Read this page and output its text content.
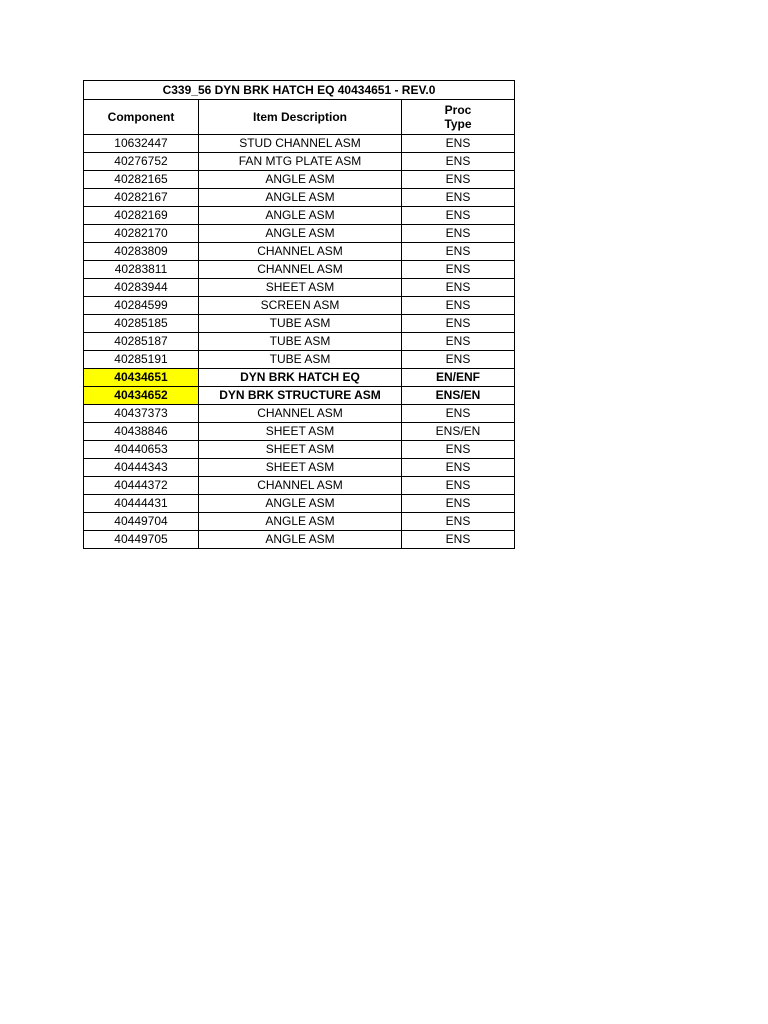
C339_56 DYN BRK HATCH EQ 40434651 - REV.0		
Component	Item Description	Proc
Type

10632447	STUD CHANNEL ASM	ENS
40276752	FAN MTG PLATE ASM	ENS
40282165	ANGLE ASM	ENS
40282167	ANGLE ASM	ENS
40282169	ANGLE ASM	ENS
40282170	ANGLE ASM	ENS
40283809	CHANNEL ASM	ENS
40283811	CHANNEL ASM	ENS
40283944	SHEET ASM	ENS
40284599	SCREEN ASM	ENS
40285185	TUBE ASM	ENS
40285187	TUBE ASM	ENS
40285191	TUBE ASM	ENS
40434651	DYN BRK HATCH EQ	EN/ENF
40434652	DYN BRK STRUCTURE ASM	ENS/EN
40437373	CHANNEL ASM	ENS
40438846	SHEET ASM	ENS/EN
40440653	SHEET ASM	ENS
40444343	SHEET ASM	ENS
40444372	CHANNEL ASM	ENS
40444431	ANGLE ASM	ENS
40449704	ANGLE ASM	ENS
40449705	ANGLE ASM	ENS
